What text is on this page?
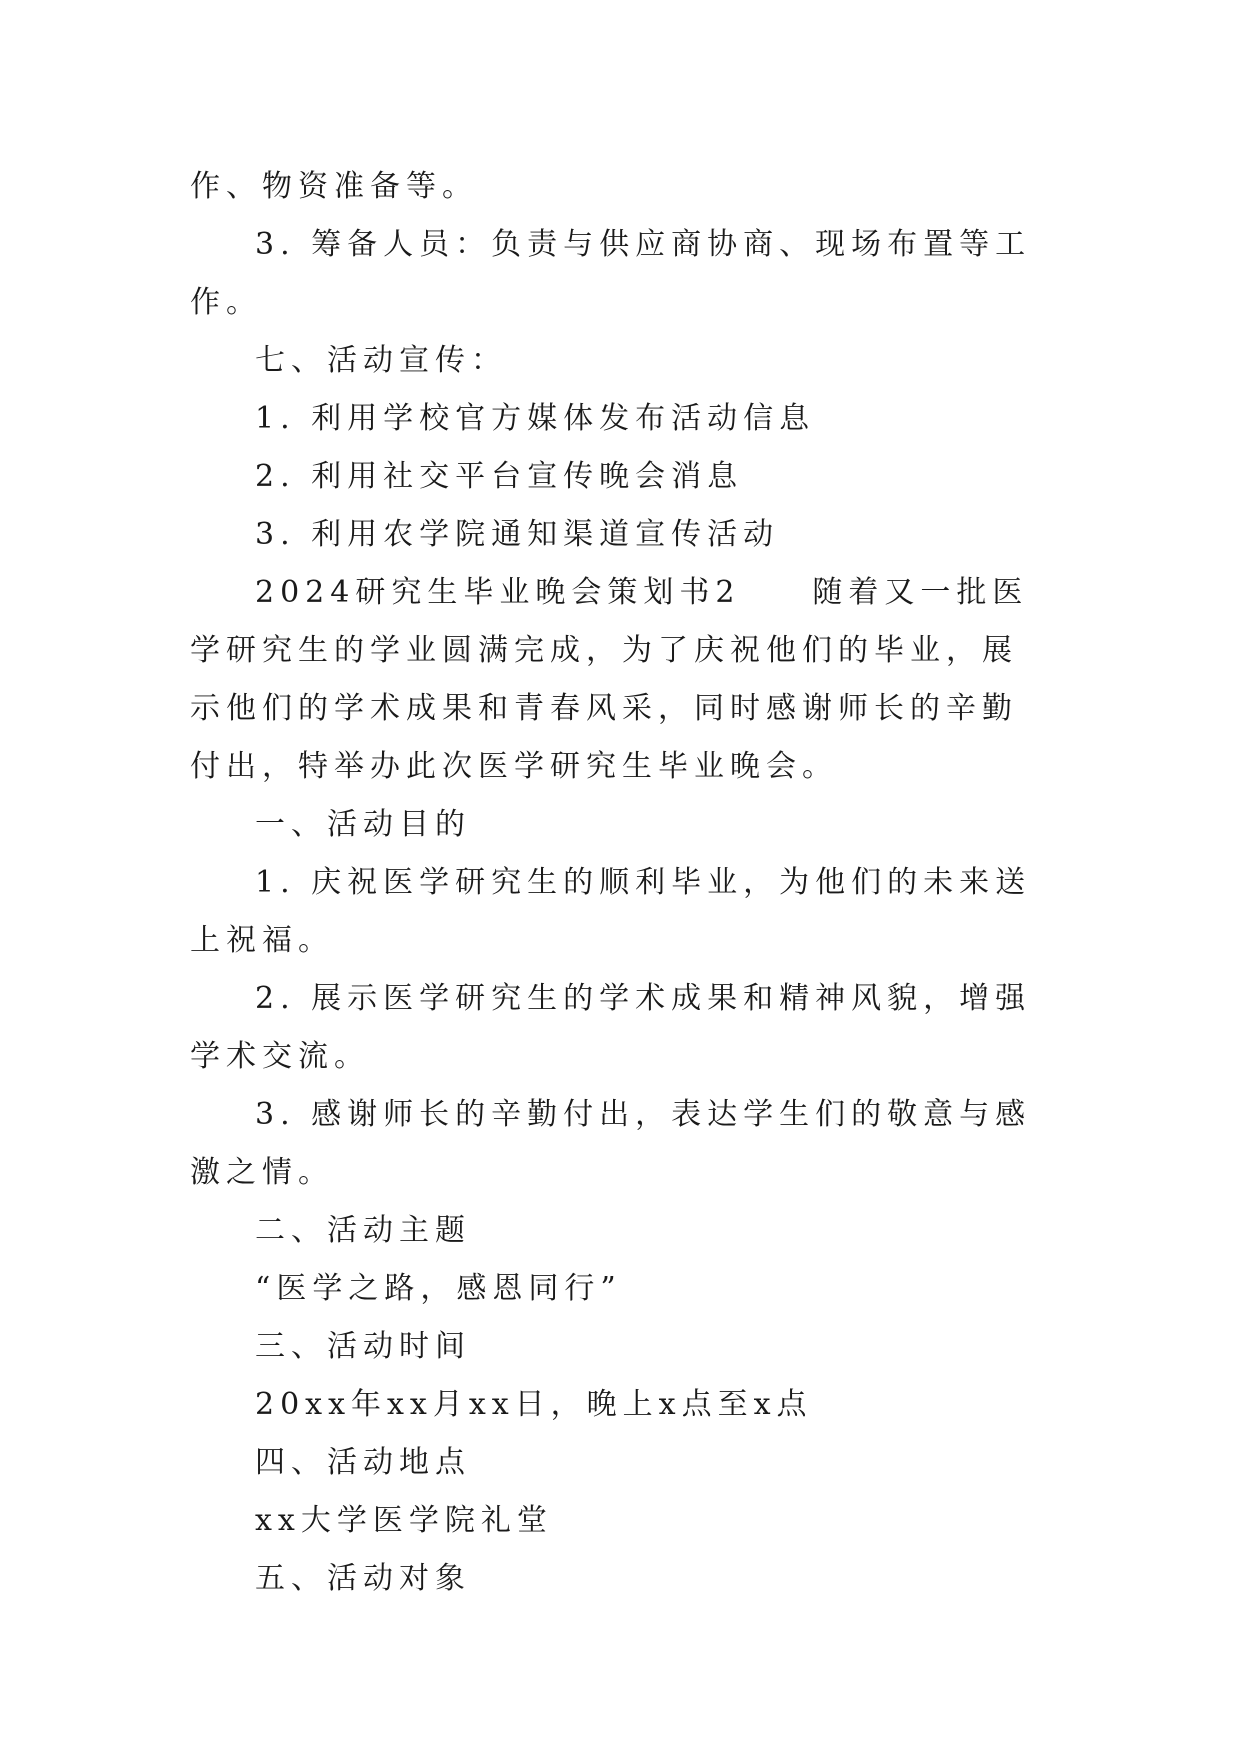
作、物资准备等。

3. 筹备人员：负责与供应商协商、现场布置等工作。

七、活动宣传：

1. 利用学校官方媒体发布活动信息

2. 利用社交平台宣传晚会消息

3. 利用农学院通知渠道宣传活动

2024研究生毕业晚会策划书2　　随着又一批医学研究生的学业圆满完成，为了庆祝他们的毕业，展示他们的学术成果和青春风采，同时感谢师长的辛勤付出，特举办此次医学研究生毕业晚会。

一、活动目的

1. 庆祝医学研究生的顺利毕业，为他们的未来送上祝福。

2. 展示医学研究生的学术成果和精神风貌，增强学术交流。

3. 感谢师长的辛勤付出，表达学生们的敬意与感激之情。

二、活动主题

“医学之路，感恩同行”

三、活动时间

20xx年xx月xx日，晚上x点至x点

四、活动地点

xx大学医学院礼堂

五、活动对象
